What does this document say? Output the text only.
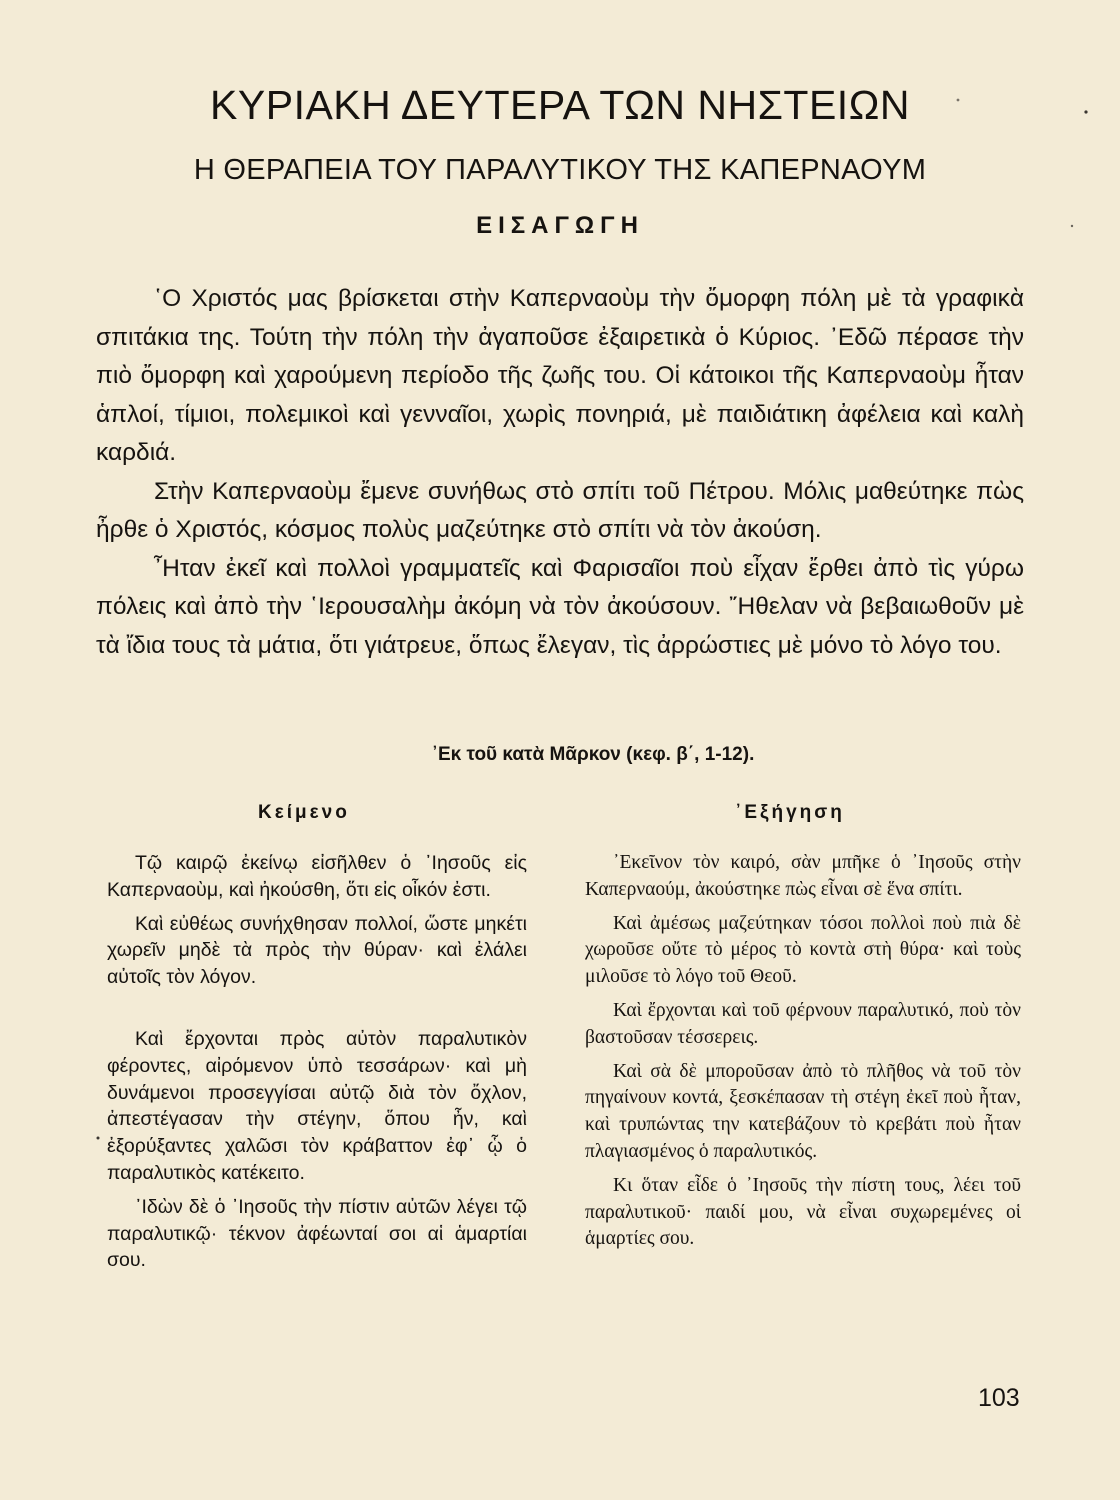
ΚΥΡΙΑΚΗ ΔΕΥΤΕΡΑ ΤΩΝ ΝΗΣΤΕΙΩΝ
Η ΘΕΡΑΠΕΙΑ ΤΟΥ ΠΑΡΑΛΥΤΙΚΟΥ ΤΗΣ ΚΑΠΕΡΝΑΟΥΜ
ΕΙΣΑΓΩΓΗ

῾Ο Χριστός μας βρίσκεται στὴν Καπερναοὺμ τὴν ὄμορφη πόλη μὲ τὰ γραφικὰ σπιτάκια της. Τούτη τὴν πόλη τὴν ἀγαποῦσε ἐξαιρετικὰ ὁ Κύριος. ᾿Εδῶ πέρασε τὴν πιὸ ὄμορφη καὶ χαρούμενη περίοδο τῆς ζωῆς του. Οἱ κάτοικοι τῆς Καπερναοὺμ ἦταν ἁπλοί, τίμιοι, πολεμικοὶ καὶ γενναῖοι, χωρὶς πονηριά, μὲ παιδιάτικη ἀφέλεια καὶ καλὴ καρδιά.

Στὴν Καπερναοὺμ ἔμενε συνήθως στὸ σπίτι τοῦ Πέτρου. Μόλις μαθεύτηκε πὼς ἦρθε ὁ Χριστός, κόσμος πολὺς μαζεύτηκε στὸ σπίτι νὰ τὸν ἀκούση.

῏Ηταν ἐκεῖ καὶ πολλοὶ γραμματεῖς καὶ Φαρισαῖοι ποὺ εἶχαν ἔρθει ἀπὸ τὶς γύρω πόλεις καὶ ἀπὸ τὴν ῾Ιερουσαλὴμ ἀκόμη νὰ τὸν ἀκούσουν. ῎Ηθελαν νὰ βεβαιωθοῦν μὲ τὰ ἴδια τους τὰ μάτια, ὅτι γιάτρευε, ὅπως ἔλεγαν, τὶς ἀρρώστιες μὲ μόνο τὸ λόγο του.

᾿Εκ τοῦ κατὰ Μᾶρκον (κεφ. β΄, 1-12).
Κείμενο	᾿Εξήγηση

Τῷ καιρῷ ἐκείνῳ εἰσῆλθεν ὁ ᾿Ιησοῦς εἰς Καπερναοὺμ, καὶ ἠκούσθη, ὅτι εἰς οἶκόν ἐστι.

Καὶ εὐθέως συνήχθησαν πολλοί, ὥστε μηκέτι χωρεῖν μηδὲ τὰ πρὸς τὴν θύραν· καὶ ἐλάλει αὐτοῖς τὸν λόγον.

Καὶ ἔρχονται πρὸς αὐτὸν παραλυτικὸν φέροντες, αἰρόμενον ὑπὸ τεσσάρων· καὶ μὴ δυνάμενοι προσεγγίσαι αὐτῷ διὰ τὸν ὄχλον, ἀπεστέγασαν τὴν στέγην, ὅπου ἦν, καὶ ἐξορύξαντες χαλῶσι τὸν κράβαττον ἐφ᾿ ᾧ ὁ παραλυτικὸς κατέκειτο.

᾿Ιδὼν δὲ ὁ ᾿Ιησοῦς τὴν πίστιν αὐτῶν λέγει τῷ παραλυτικῷ· τέκνον ἀφέωνταί σοι αἱ ἁμαρτίαι σου.

᾿Εκεῖνον τὸν καιρό, σὰν μπῆκε ὁ ᾿Ιησοῦς στὴν Καπερναούμ, ἀκούστηκε πὼς εἶναι σὲ ἕνα σπίτι.

Καὶ ἀμέσως μαζεύτηκαν τόσοι πολλοὶ ποὺ πιὰ δὲ χωροῦσε οὔτε τὸ μέρος τὸ κοντὰ στὴ θύρα· καὶ τοὺς μιλοῦσε τὸ λόγο τοῦ Θεοῦ.

Καὶ ἔρχονται καὶ τοῦ φέρνουν παραλυτικό, ποὺ τὸν βαστοῦσαν τέσσερεις.

Καὶ σὰ δὲ μποροῦσαν ἀπὸ τὸ πλῆθος νὰ τοῦ τὸν πηγαίνουν κοντά, ξεσκέπασαν τὴ στέγη ἐκεῖ ποὺ ἦταν, καὶ τρυπώντας την κατεβάζουν τὸ κρεβάτι ποὺ ἦταν πλαγιασμένος ὁ παραλυτικός.

Κι ὅταν εἶδε ὁ ᾿Ιησοῦς τὴν πίστη τους, λέει τοῦ παραλυτικοῦ· παιδί μου, νὰ εἶναι συχωρεμένες οἱ ἁμαρτίες σου.

103
